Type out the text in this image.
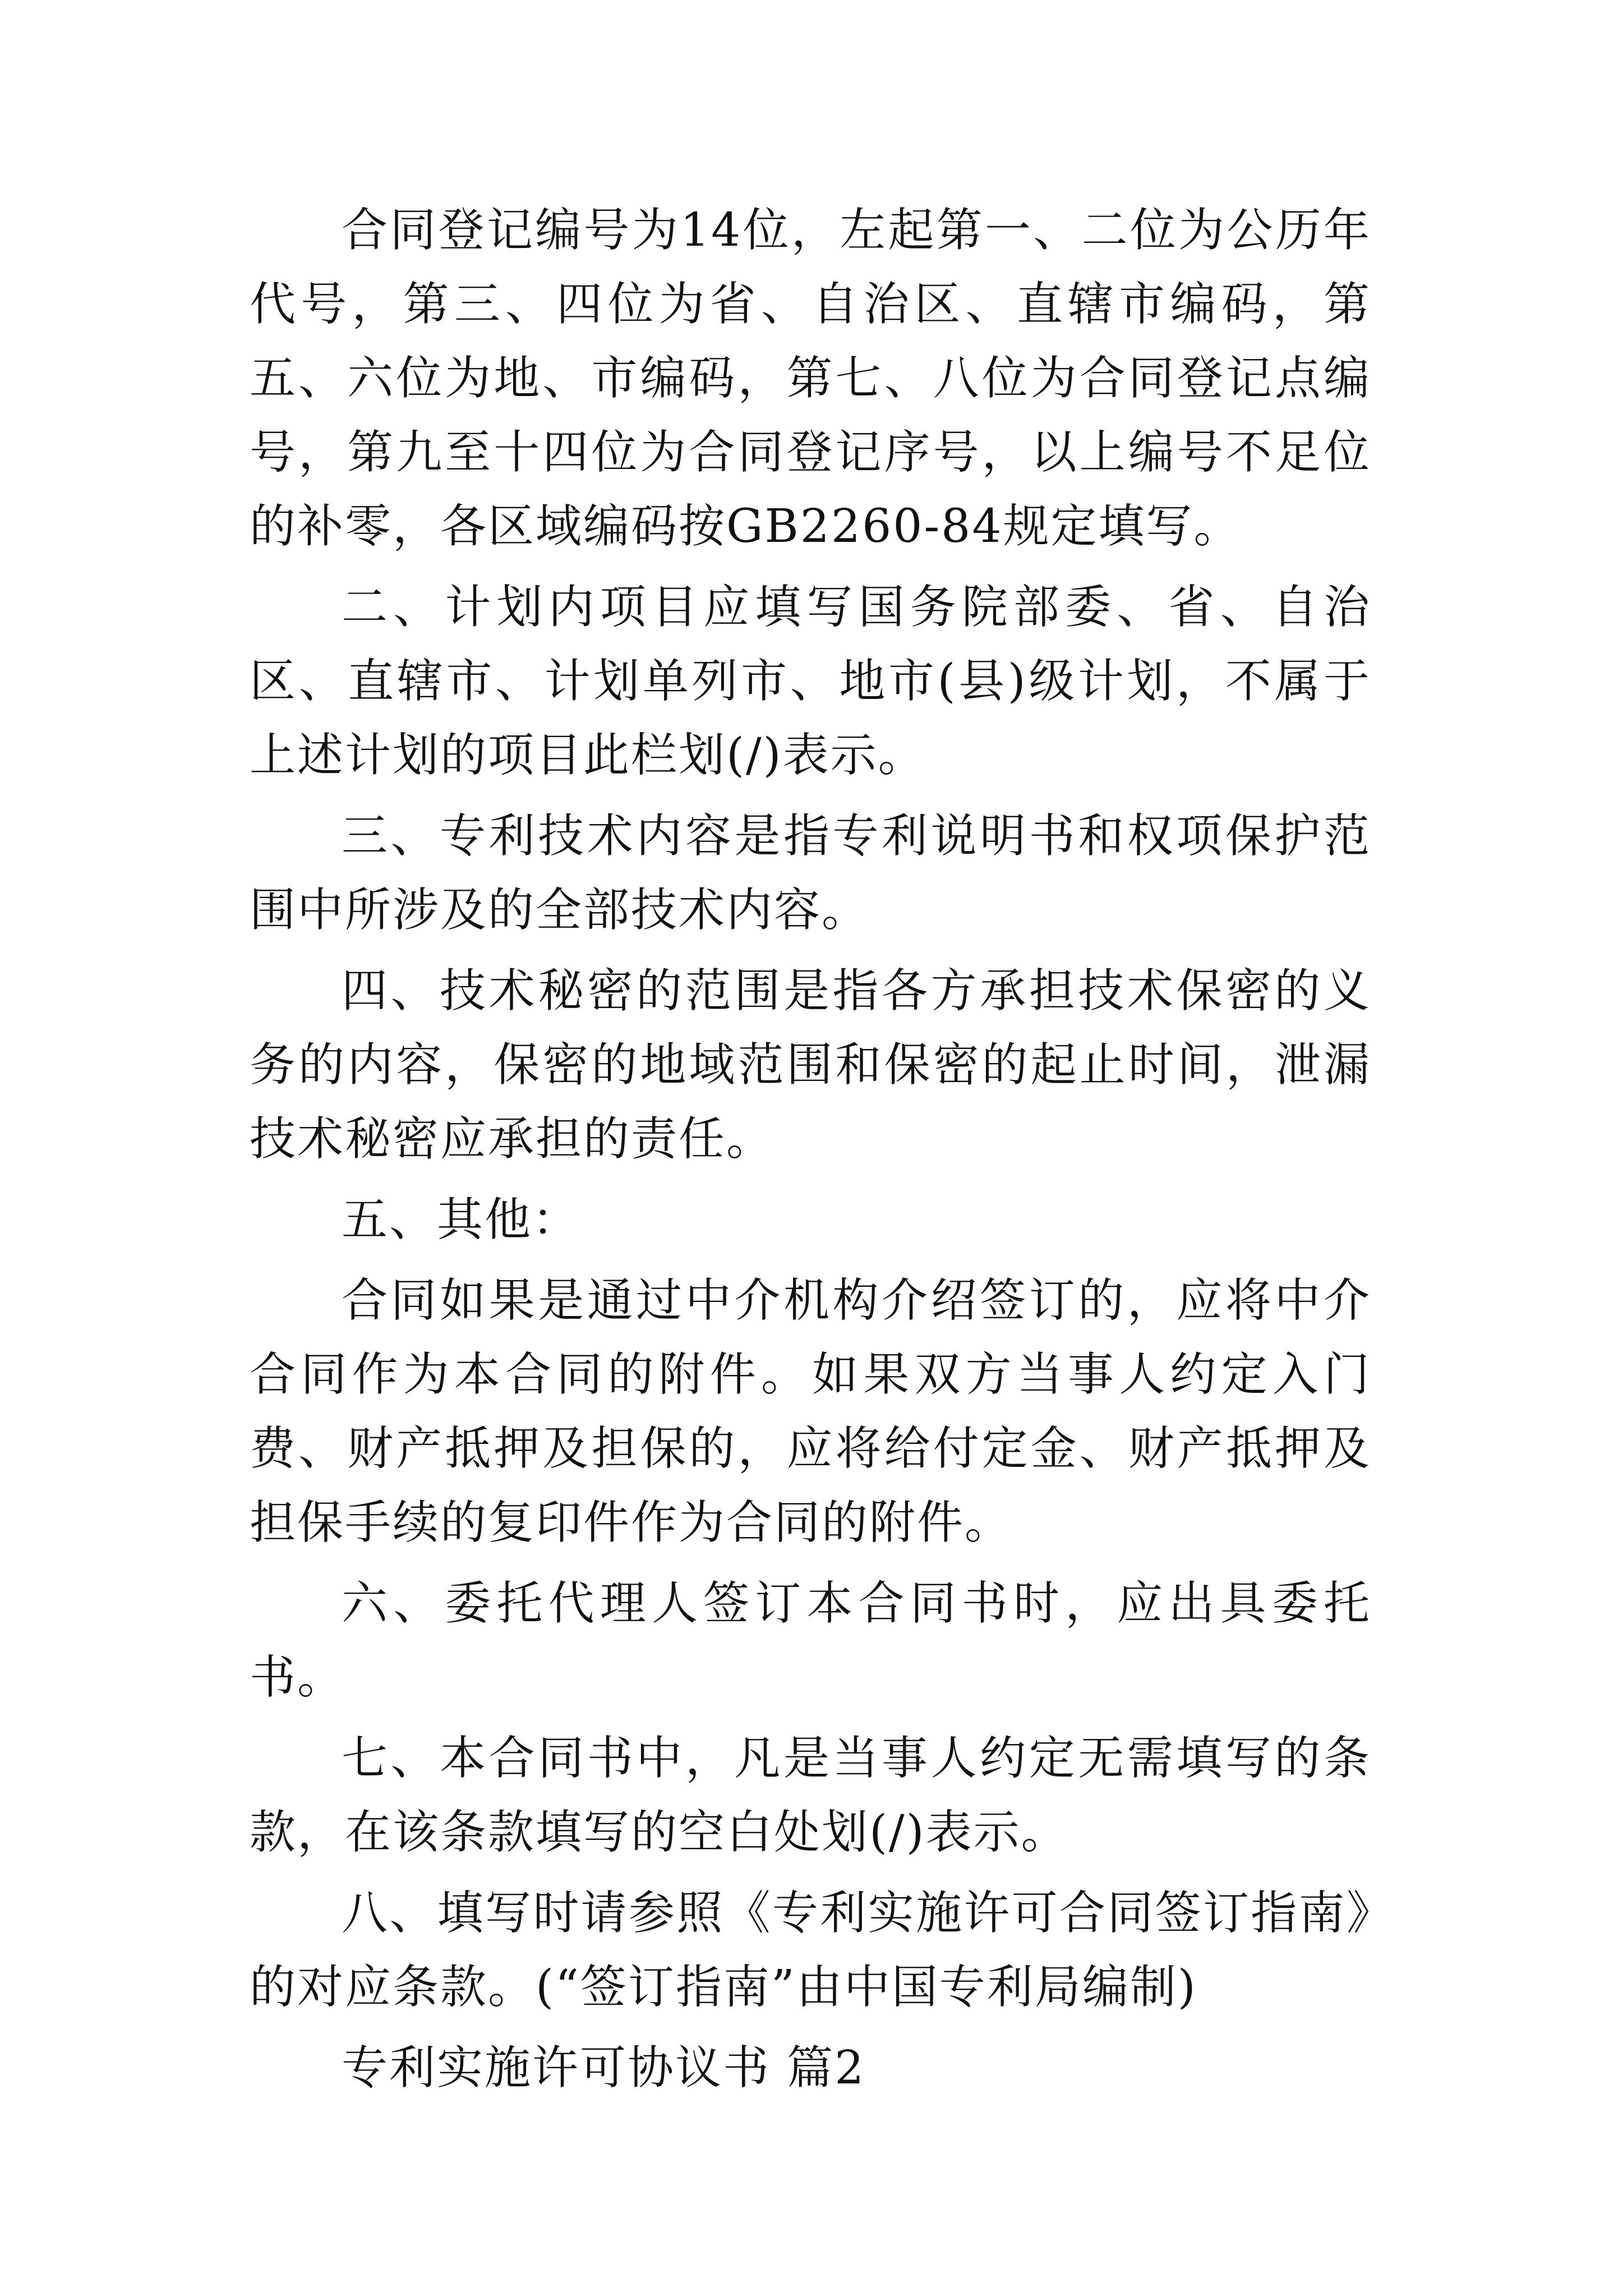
合同登记编号为14位，左起第一、二位为公历年代号，第三、四位为省、自治区、直辖市编码，第五、六位为地、市编码，第七、八位为合同登记点编号，第九至十四位为合同登记序号，以上编号不足位的补零，各区域编码按GB2260-84规定填写。

二、计划内项目应填写国务院部委、省、自治区、直辖市、计划单列市、地市(县)级计划，不属于上述计划的项目此栏划(/)表示。

三、专利技术内容是指专利说明书和权项保护范围中所涉及的全部技术内容。

四、技术秘密的范围是指各方承担技术保密的义务的内容，保密的地域范围和保密的起止时间，泄漏技术秘密应承担的责任。

五、其他：

合同如果是通过中介机构介绍签订的，应将中介合同作为本合同的附件。如果双方当事人约定入门费、财产抵押及担保的，应将给付定金、财产抵押及担保手续的复印件作为合同的附件。

六、委托代理人签订本合同书时，应出具委托书。

七、本合同书中，凡是当事人约定无需填写的条款，在该条款填写的空白处划(/)表示。

八、填写时请参照《专利实施许可合同签订指南》的对应条款。(“签订指南”由中国专利局编制)

专利实施许可协议书 篇2
